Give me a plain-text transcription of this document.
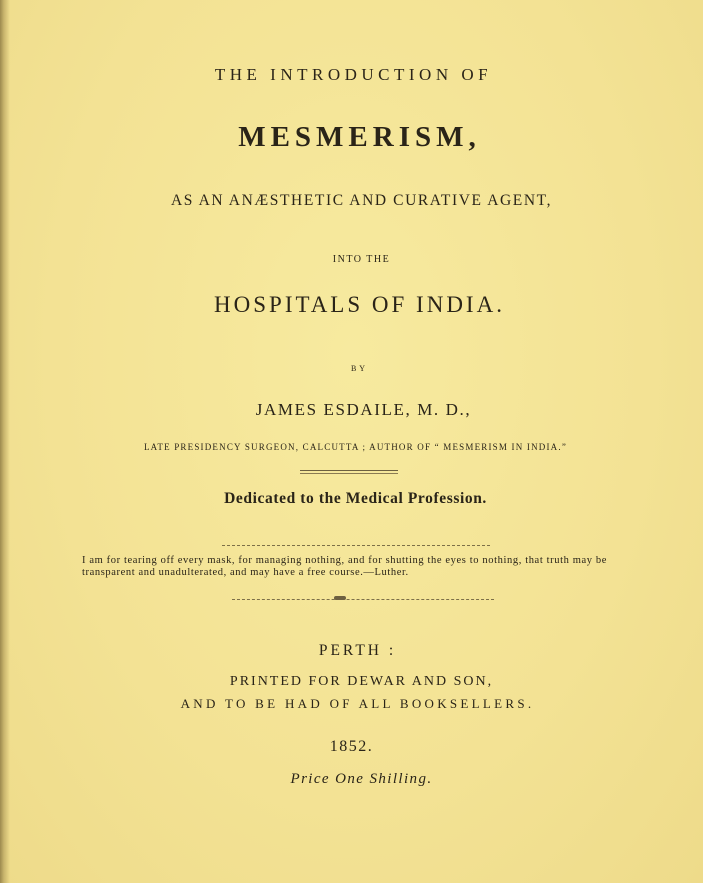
THE INTRODUCTION OF
MESMERISM,
AS AN ANÆSTHETIC AND CURATIVE AGENT,
INTO THE
HOSPITALS OF INDIA.
BY
JAMES ESDAILE, M. D.,
LATE PRESIDENCY SURGEON, CALCUTTA ; AUTHOR OF “ MESMERISM IN INDIA.”
Dedicated to the Medical Profession.
I am for tearing off every mask, for managing nothing, and for shutting the eyes to nothing, that truth may be transparent and unadulterated, and may have a free course.—Luther.
PERTH :
PRINTED FOR DEWAR AND SON,
AND TO BE HAD OF ALL BOOKSELLERS.
1852.
Price One Shilling.
